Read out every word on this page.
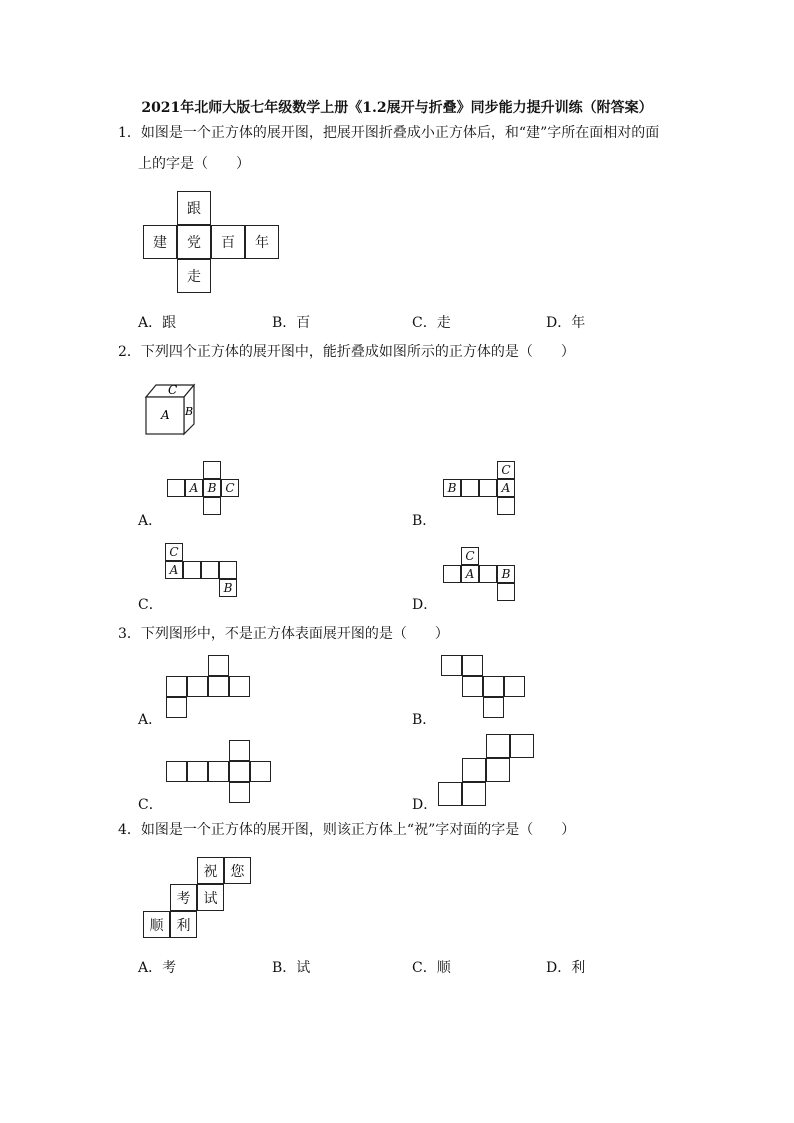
2021年北师大版七年级数学上册《1.2展开与折叠》同步能力提升训练（附答案）
1．如图是一个正方体的展开图，把展开图折叠成小正方体后，和“建”字所在面相对的面
上的字是（　　）
跟
建	党	百	年
走
A．跟	B．百	C．走	D．年
2．下列四个正方体的展开图中，能折叠成如图所示的正方体的是（　　）
C
A B
A B C
A．
C
B	A
B．
C
A
B
C．
C
A	B
D．
3．下列图形中，不是正方体表面展开图的是（　　）
A．	B．
C．	D．
4．如图是一个正方体的展开图，则该正方体上“祝”字对面的字是（　　）
祝 您
考 试
顺 利
A．考	B．试	C．顺	D．利
